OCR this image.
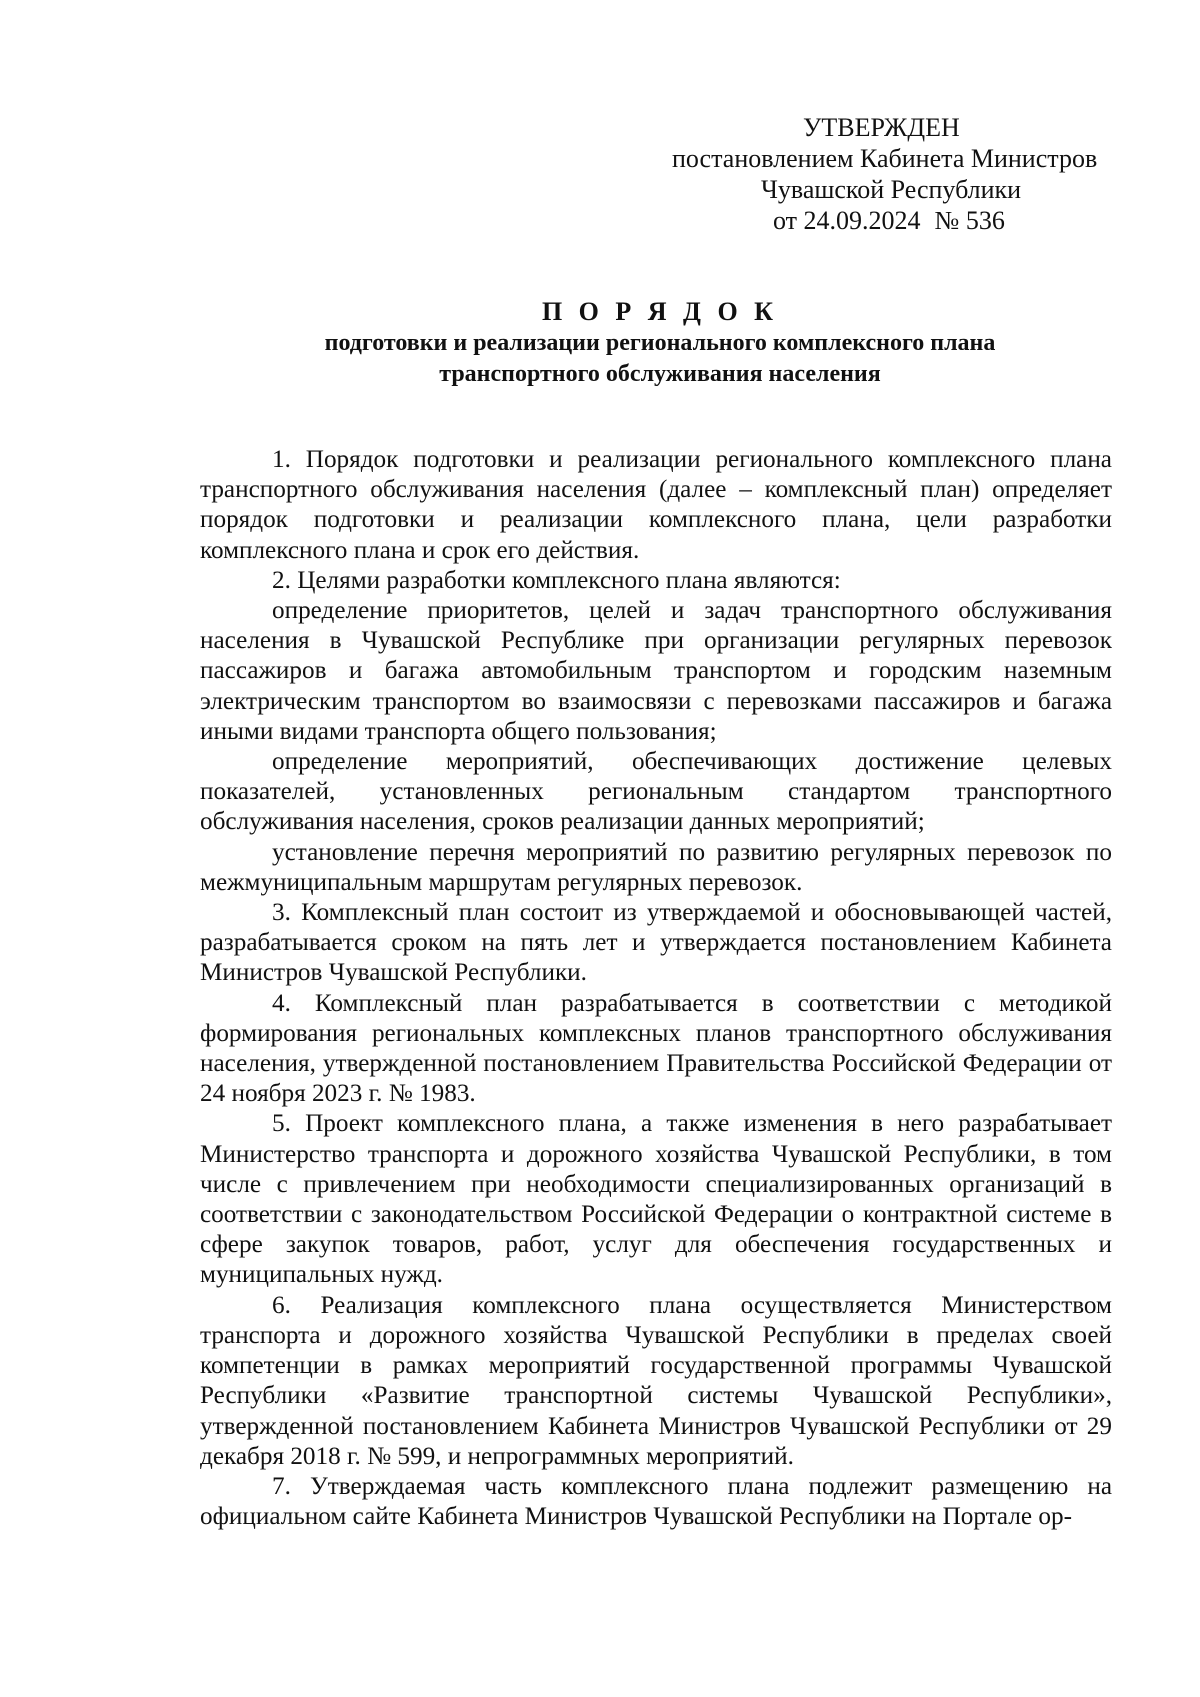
УТВЕРЖДЕН
постановлением Кабинета Министров
Чувашской Республики
от 24.09.2024 № 536
П О Р Я Д О К
подготовки и реализации регионального комплексного плана
транспортного обслуживания населения

1. Порядок подготовки и реализации регионального комплексного плана транспортного обслуживания населения (далее – комплексный план) определяет порядок подготовки и реализации комплексного плана, цели разработки комплексного плана и срок его действия.

2. Целями разработки комплексного плана являются:

определение приоритетов, целей и задач транспортного обслуживания населения в Чувашской Республике при организации регулярных перевозок пассажиров и багажа автомобильным транспортом и городским наземным электрическим транспортом во взаимосвязи с перевозками пассажиров и багажа иными видами транспорта общего пользования;

определение мероприятий, обеспечивающих достижение целевых показателей, установленных региональным стандартом транспортного обслуживания населения, сроков реализации данных мероприятий;

установление перечня мероприятий по развитию регулярных перевозок по межмуниципальным маршрутам регулярных перевозок.

3. Комплексный план состоит из утверждаемой и обосновывающей частей, разрабатывается сроком на пять лет и утверждается постановлением Кабинета Министров Чувашской Республики.

4. Комплексный план разрабатывается в соответствии с методикой формирования региональных комплексных планов транспортного обслуживания населения, утвержденной постановлением Правительства Российской Федерации от 24 ноября 2023 г. № 1983.

5. Проект комплексного плана, а также изменения в него разрабатывает Министерство транспорта и дорожного хозяйства Чувашской Республики, в том числе с привлечением при необходимости специализированных организаций в соответствии с законодательством Российской Федерации о контрактной системе в сфере закупок товаров, работ, услуг для обеспечения государственных и муниципальных нужд.

6. Реализация комплексного плана осуществляется Министерством транспорта и дорожного хозяйства Чувашской Республики в пределах своей компетенции в рамках мероприятий государственной программы Чувашской Республики «Развитие транспортной системы Чувашской Республики», утвержденной постановлением Кабинета Министров Чувашской Республики от 29 декабря 2018 г. № 599, и непрограммных мероприятий.

7. Утверждаемая часть комплексного плана подлежит размещению на официальном сайте Кабинета Министров Чувашской Республики на Портале ор-
